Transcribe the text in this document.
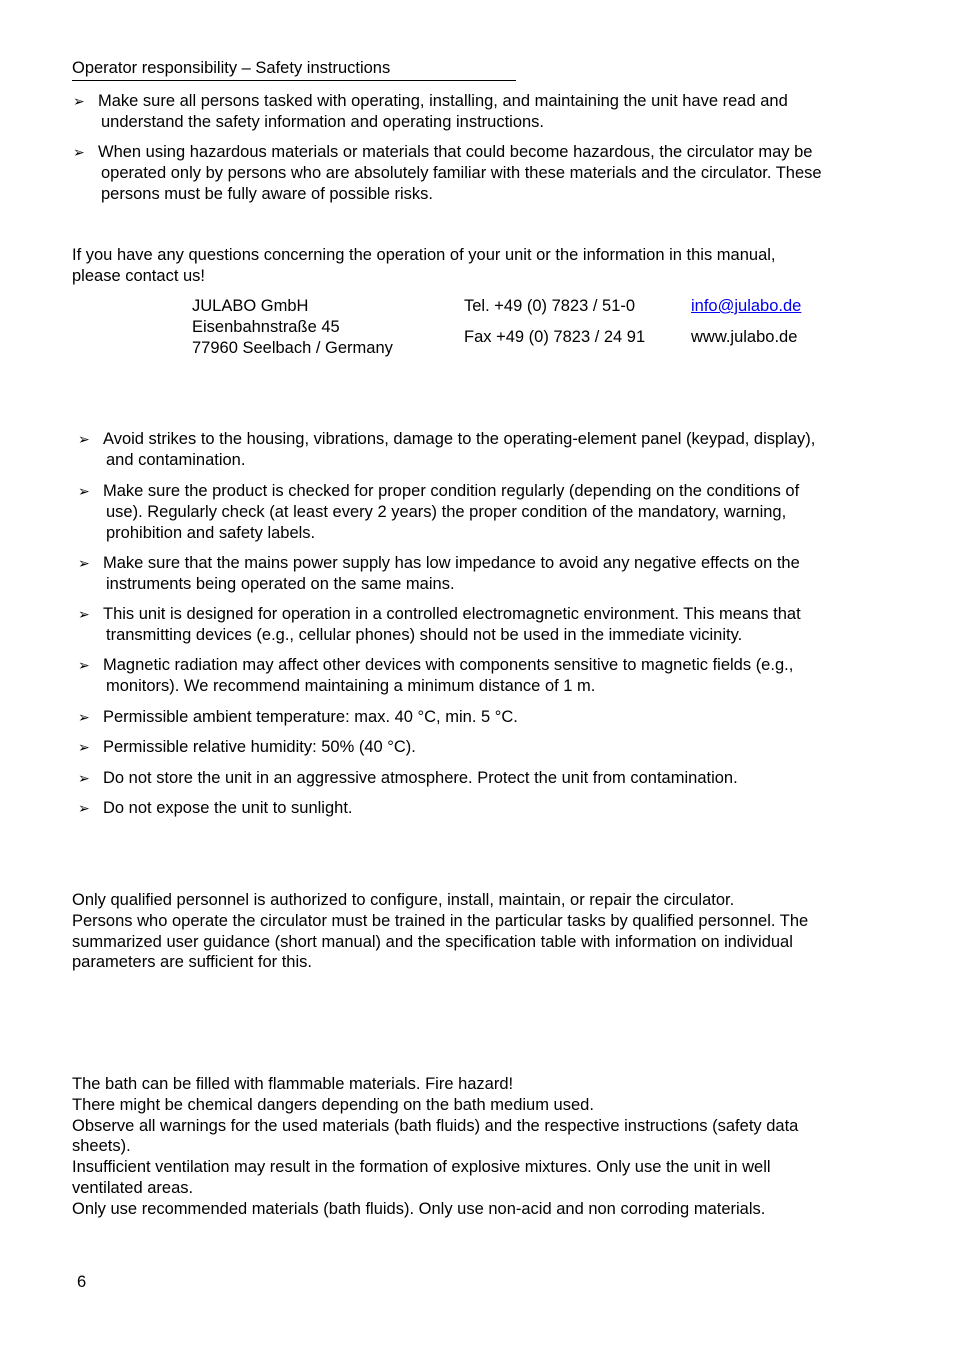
Operator responsibility – Safety instructions
➢ Make sure all persons tasked with operating, installing, and maintaining the unit have read and
understand the safety information and operating instructions.
➢ When using hazardous materials or materials that could become hazardous, the circulator may be
operated only by persons who are absolutely familiar with these materials and the circulator. These
persons must be fully aware of possible risks.
If you have any questions concerning the operation of your unit or the information in this manual,
please contact us!
JULABO GmbH
Eisenbahnstraße 45
77960 Seelbach / Germany
Tel. +49 (0) 7823 / 51-0
Fax +49 (0) 7823 / 24 91
info@julabo.de
www.julabo.de
➢ Avoid strikes to the housing, vibrations, damage to the operating-element panel (keypad, display),
and contamination.
➢ Make sure the product is checked for proper condition regularly (depending on the conditions of
use). Regularly check (at least every 2 years) the proper condition of the mandatory, warning,
prohibition and safety labels.
➢ Make sure that the mains power supply has low impedance to avoid any negative effects on the
instruments being operated on the same mains.
➢ This unit is designed for operation in a controlled electromagnetic environment. This means that
transmitting devices (e.g., cellular phones) should not be used in the immediate vicinity.
➢ Magnetic radiation may affect other devices with components sensitive to magnetic fields (e.g.,
monitors). We recommend maintaining a minimum distance of 1 m.
➢ Permissible ambient temperature: max. 40 °C, min. 5 °C.
➢ Permissible relative humidity: 50% (40 °C).
➢ Do not store the unit in an aggressive atmosphere. Protect the unit from contamination.
➢ Do not expose the unit to sunlight.
Only qualified personnel is authorized to configure, install, maintain, or repair the circulator.
Persons who operate the circulator must be trained in the particular tasks by qualified personnel. The
summarized user guidance (short manual) and the specification table with information on individual
parameters are sufficient for this.
The bath can be filled with flammable materials. Fire hazard!
There might be chemical dangers depending on the bath medium used.
Observe all warnings for the used materials (bath fluids) and the respective instructions (safety data
sheets).
Insufficient ventilation may result in the formation of explosive mixtures. Only use the unit in well
ventilated areas.
Only use recommended materials (bath fluids). Only use non-acid and non corroding materials.
6
